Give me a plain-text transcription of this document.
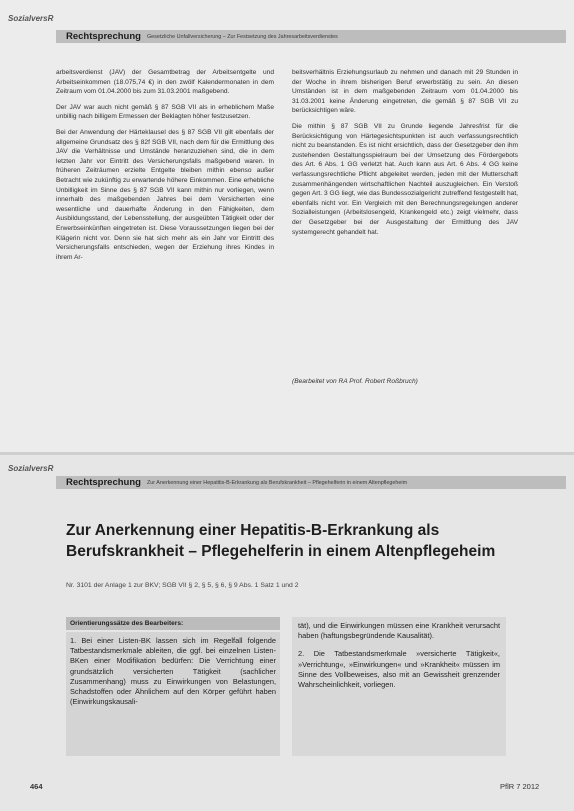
SozialversR
Rechtsprechung	Gesetzliche Unfallversicherung – Zur Festsetzung des Jahresarbeitsverdienstes

arbeitsverdienst (JAV) der Gesamtbetrag der Arbeitsentgelte und Arbeitseinkommen (18.075,74 €) in den zwölf Kalendermonaten in dem Zeitraum vom 01.04.2000 bis zum 31.03.2001 maßgebend.

Der JAV war auch nicht gemäß § 87 SGB VII als in erheblichem Maße unbillig nach billigem Ermessen der Beklagten höher festzusetzen.

Bei der Anwendung der Härteklausel des § 87 SGB VII gilt ebenfalls der allgemeine Grundsatz des § 82f SGB VII, nach dem für die Ermittlung des JAV die Verhältnisse und Umstände heranzuziehen sind, die in dem letzten Jahr vor Eintritt des Versicherungsfalls maßgebend waren. In früheren Zeiträumen erzielte Entgelte bleiben mithin ebenso außer Betracht wie zukünftig zu erwartende höhere Einkommen. Eine erhebliche Unbilligkeit im Sinne des § 87 SGB VII kann mithin nur vorliegen, wenn innerhalb des maßgebenden Jahres bei dem Versicherten eine wesentliche und dauerhafte Änderung in den Fähigkeiten, dem Ausbildungsstand, der Lebensstellung, der ausgeübten Tätigkeit oder der Erwerbseinkünften eingetreten ist. Diese Voraussetzungen liegen bei der Klägerin nicht vor. Denn sie hat sich mehr als ein Jahr vor Eintritt des Versicherungsfalls entschieden, wegen der Erziehung ihres Kindes in ihrem Ar-

beitsverhältnis Erziehungsurlaub zu nehmen und danach mit 29 Stunden in der Woche in ihrem bisherigen Beruf erwerbstätig zu sein. An diesen Umständen ist in dem maßgebenden Zeitraum vom 01.04.2000 bis 31.03.2001 keine Änderung eingetreten, die gemäß § 87 SGB VII zu berücksichtigen wäre.

Die mithin § 87 SGB VII zu Grunde liegende Jahresfrist für die Berücksichtigung von Härtegesichtspunkten ist auch verfassungsrechtlich nicht zu beanstanden. Es ist nicht ersichtlich, dass der Gesetzgeber den ihm zustehenden Gestaltungsspielraum bei der Umsetzung des Fördergebots des Art. 6 Abs. 1 GG verletzt hat. Auch kann aus Art. 6 Abs. 4 GG keine verfassungsrechtliche Pflicht abgeleitet werden, jeden mit der Mutterschaft zusammenhängenden wirtschaftlichen Nachteil auszugleichen. Ein Verstoß gegen Art. 3 GG liegt, wie das Bundessozialgericht zutreffend festgestellt hat, ebenfalls nicht vor. Ein Vergleich mit den Berechnungsregelungen anderer Sozialleistungen (Arbeitslosengeld, Krankengeld etc.) zeigt vielmehr, dass der Gesetzgeber bei der Ausgestaltung der Ermittlung des JAV systemgerecht gehandelt hat.

(Bearbeitet von RA Prof. Robert Roßbruch)
SozialversR
Rechtsprechung	Zur Anerkennung einer Hepatitis-B-Erkrankung als Berufskrankheit – Pflegehelferin in einem Altenpflegeheim
Zur Anerkennung einer Hepatitis-B-Erkrankung als Berufskrankheit – Pflegehelferin in einem Altenpflegeheim
Nr. 3101 der Anlage 1 zur BKV; SGB VII § 2, § 5, § 6, § 9 Abs. 1 Satz 1 und 2
Orientierungssätze des Bearbeiters:
1. Bei einer Listen-BK lassen sich im Regelfall folgende Tatbestandsmerkmale ableiten, die ggf. bei einzelnen Listen-BKen einer Modifikation bedürfen: Die Verrichtung einer grundsätzlich versicherten Tätigkeit (sachlicher Zusammenhang) muss zu Einwirkungen von Belastungen, Schadstoffen oder Ähnlichem auf den Körper geführt haben (Einwirkungskausali-

tät), und die Einwirkungen müssen eine Krankheit verursacht haben (haftungsbegründende Kausalität).

2. Die Tatbestandsmerkmale »versicherte Tätigkeit«, »Verrichtung«, »Einwirkungen« und »Krankheit« müssen im Sinne des Vollbeweises, also mit an Gewissheit grenzender Wahrscheinlichkeit, vorliegen.

464	PflR 7 2012
